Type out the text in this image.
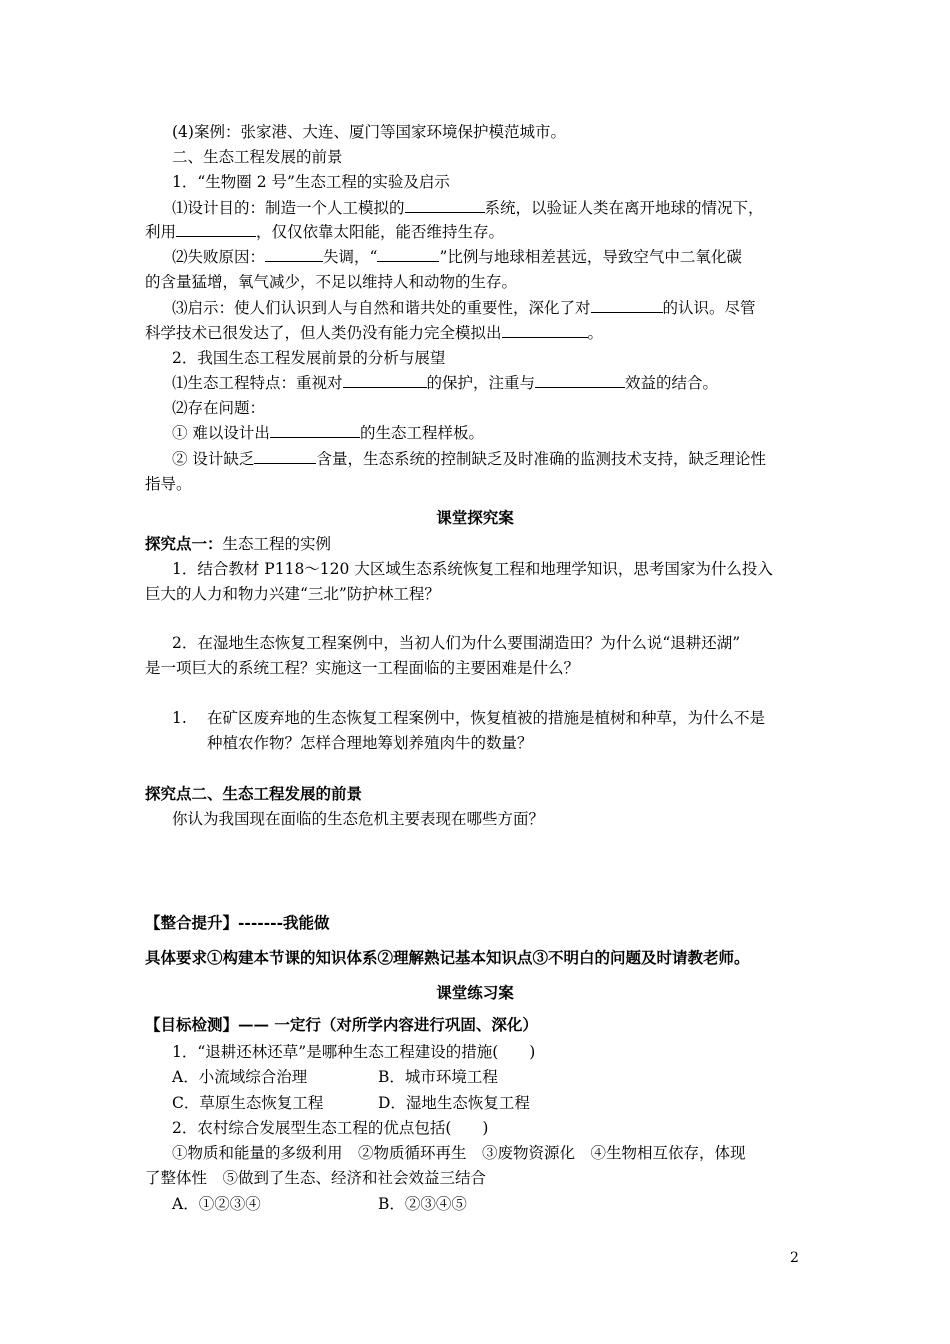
(4)案例：张家港、大连、厦门等国家环境保护模范城市。
二、生态工程发展的前景
1．“生物圈 2 号”生态工程的实验及启示
⑴设计目的：制造一个人工模拟的	系统，以验证人类在离开地球的情况下，
利用	，仅仅依靠太阳能，能否维持生存。
⑵失败原因：	失调，“	”比例与地球相差甚远，导致空气中二氧化碳
的含量猛增，氧气减少，不足以维持人和动物的生存。
⑶启示：使人们认识到人与自然和谐共处的重要性，深化了对	的认识。尽管
科学技术已很发达了，但人类仍没有能力完全模拟出	。
2．我国生态工程发展前景的分析与展望
⑴生态工程特点：重视对	的保护，注重与	效益的结合。
⑵存在问题：
① 难以设计出	的生态工程样板。
② 设计缺乏	含量，生态系统的控制缺乏及时准确的监测技术支持，缺乏理论性
指导。
课堂探究案
探究点一：生态工程的实例
1．结合教材 P118～120 大区域生态系统恢复工程和地理学知识，思考国家为什么投入
巨大的人力和物力兴建“三北”防护林工程？
2．在湿地生态恢复工程案例中，当初人们为什么要围湖造田？为什么说“退耕还湖”
是一项巨大的系统工程？实施这一工程面临的主要困难是什么？
1. 在矿区废弃地的生态恢复工程案例中，恢复植被的措施是植树和种草，为什么不是
种植农作物？怎样合理地筹划养殖肉牛的数量？
探究点二、生态工程发展的前景
你认为我国现在面临的生态危机主要表现在哪些方面？
【整合提升】-------我能做
具体要求①构建本节课的知识体系②理解熟记基本知识点③不明白的问题及时请教老师。
课堂练习案
【目标检测】—— 一定行（对所学内容进行巩固、深化）
1．“退耕还林还草”是哪种生态工程建设的措施(　　)
A．小流域综合治理	B．城市环境工程
C．草原生态恢复工程	D．湿地生态恢复工程
2．农村综合发展型生态工程的优点包括(　　)
①物质和能量的多级利用　②物质循环再生　③废物资源化　④生物相互依存，体现
了整体性　⑤做到了生态、经济和社会效益三结合
A．①②③④	B．②③④⑤
2
